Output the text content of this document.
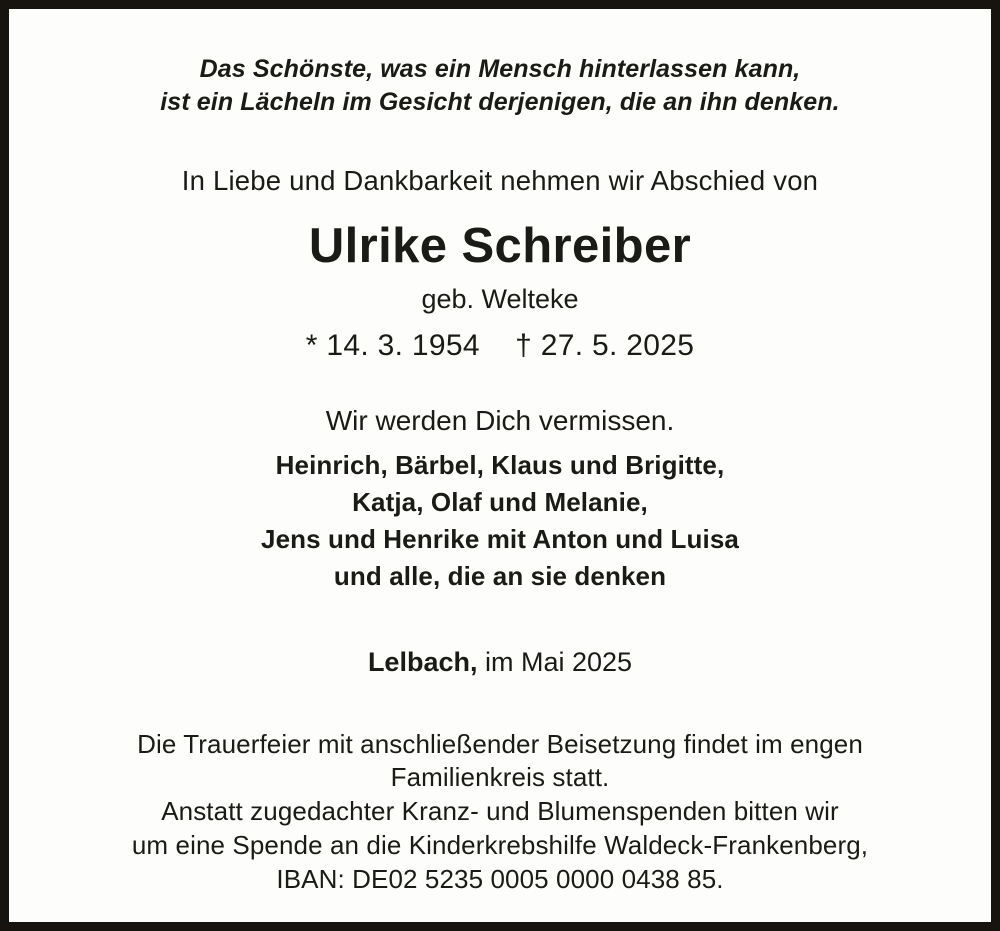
Das Schönste, was ein Mensch hinterlassen kann,
ist ein Lächeln im Gesicht derjenigen, die an ihn denken.
In Liebe und Dankbarkeit nehmen wir Abschied von
Ulrike Schreiber
geb. Welteke
* 14. 3. 1954 † 27. 5. 2025
Wir werden Dich vermissen.
Heinrich, Bärbel, Klaus und Brigitte,
Katja, Olaf und Melanie,
Jens und Henrike mit Anton und Luisa
und alle, die an sie denken
Lelbach, im Mai 2025
Die Trauerfeier mit anschließender Beisetzung findet im engen
Familienkreis statt.
Anstatt zugedachter Kranz- und Blumenspenden bitten wir
um eine Spende an die Kinderkrebshilfe Waldeck-Frankenberg,
IBAN: DE02 5235 0005 0000 0438 85.
